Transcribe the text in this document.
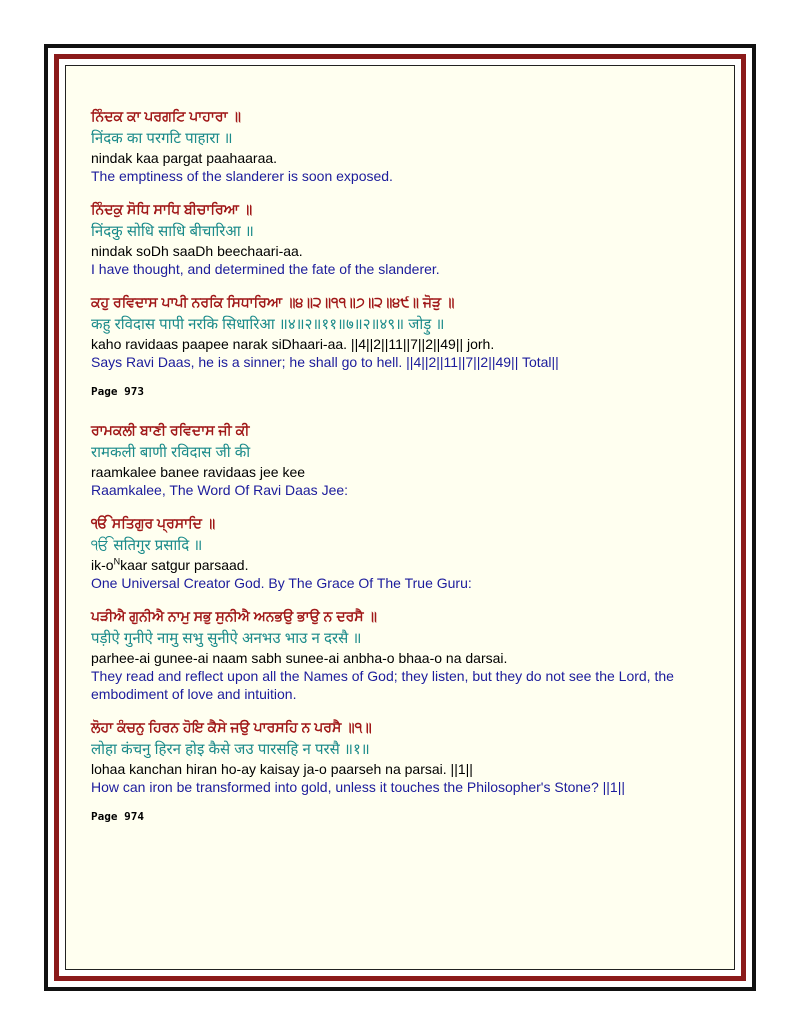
ਨਿੰਦਕ ਕਾ ਪਰਗਟਿ ਪਾਹਾਰਾ ॥
निंदक का परगटि पाहारा ॥
nindak kaa pargat paahaaraa.
The emptiness of the slanderer is soon exposed.
ਨਿੰਦਕੁ ਸੋਧਿ ਸਾਧਿ ਬੀਚਾਰਿਆ ॥
निंदकु सोधि साधि बीचारिआ ॥
nindak soDh saaDh beechaari-aa.
I have thought, and determined the fate of the slanderer.
ਕਹੁ ਰਵਿਦਾਸ ਪਾਪੀ ਨਰਕਿ ਸਿਧਾਰਿਆ ॥੪॥੨॥੧੧॥੭॥੨॥੪੯॥ ਜੋੜੁ ॥
कहु रविदास पापी नरकि सिधारिआ ॥४॥२॥११॥७॥२॥४९॥ जोड़ु ॥
kaho ravidaas paapee narak siDhaari-aa. ||4||2||11||7||2||49|| jorh.
Says Ravi Daas, he is a sinner; he shall go to hell. ||4||2||11||7||2||49|| Total||
Page 973
ਰਾਮਕਲੀ ਬਾਣੀ ਰਵਿਦਾਸ ਜੀ ਕੀ
रामकली बाणी रविदास जी की
raamkalee banee ravidaas jee kee
Raamkalee, The Word Of Ravi Daas Jee:
ੴ ਸਤਿਗੁਰ ਪ੍ਰਸਾਦਿ ॥
ੴ सतिगुर प्रसादि ॥
$ik-o^Nkaar$ satgur parsaad.
One Universal Creator God. By The Grace Of The True Guru:
ਪੜੀਐ ਗੁਨੀਐ ਨਾਮੁ ਸਭੁ ਸੁਨੀਐ ਅਨਭਉ ਭਾਉ ਨ ਦਰਸੈ ॥
पड़ीऐ गुनीऐ नामु सभु सुनीऐ अनभउ भाउ न दरसै ॥
parhee-ai gunee-ai naam sabh sunee-ai anbha-o bhaa-o na darsai.
They read and reflect upon all the Names of God; they listen, but they do not see the Lord, the embodiment of love and intuition.
ਲੋਹਾ ਕੰਚਨੁ ਹਿਰਨ ਹੋਇ ਕੈਸੇ ਜਉ ਪਾਰਸਹਿ ਨ ਪਰਸੈ ॥੧॥
लोहा कंचनु हिरन होइ कैसे जउ पारसहि न परसै ॥१॥
lohaa kanchan hiran ho-ay kaisay ja-o paarseh na parsai. ||1||
How can iron be transformed into gold, unless it touches the Philosopher's Stone? ||1||
Page 974
